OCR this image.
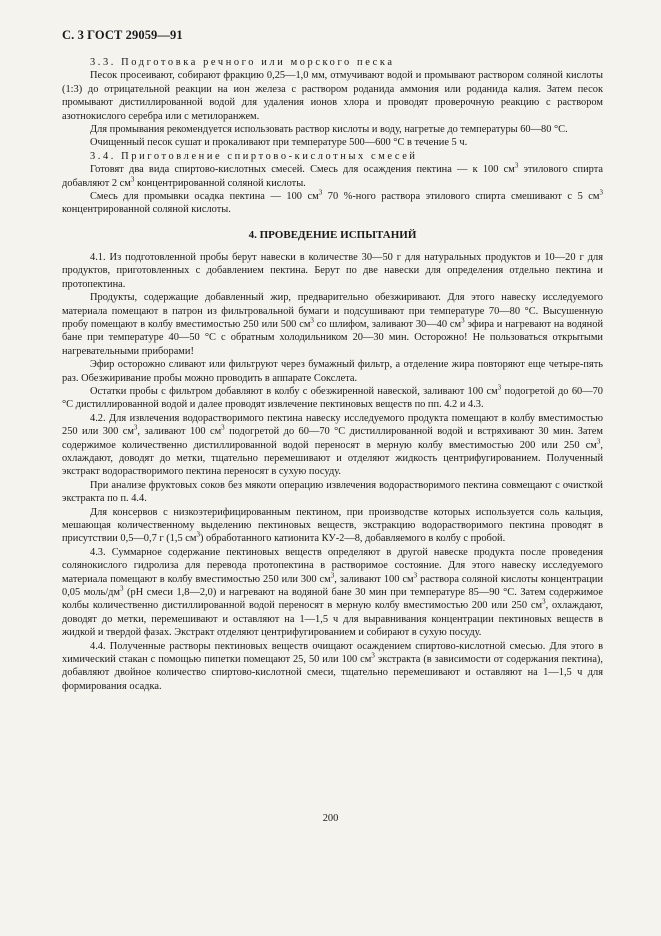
С. 3 ГОСТ 29059—91

3.3. Подготовка речного или морского песка

Песок просеивают, собирают фракцию 0,25—1,0 мм, отмучивают водой и промывают раствором соляной кислоты (1:3) до отрицательной реакции на ион железа с раствором роданида аммония или роданида калия. Затем песок промывают дистиллированной водой для удаления ионов хлора и проводят проверочную реакцию с раствором азотнокислого серебра или с метилоранжем.

Для промывания рекомендуется использовать раствор кислоты и воду, нагретые до температуры 60—80 °С.

Очищенный песок сушат и прокаливают при температуре 500—600 °С в течение 5 ч.

3.4. Приготовление спиртово-кислотных смесей

Готовят два вида спиртово-кислотных смесей. Смесь для осаждения пектина — к 100 $см^3$ этилового спирта добавляют 2 $см^3$ концентрированной соляной кислоты.

Смесь для промывки осадка пектина — 100 $см^3$ 70 %-ного раствора этилового спирта смешивают с 5 $см^3$ концентрированной соляной кислоты.

4. ПРОВЕДЕНИЕ ИСПЫТАНИЙ

4.1. Из подготовленной пробы берут навески в количестве 30—50 г для натуральных продуктов и 10—20 г для продуктов, приготовленных с добавлением пектина. Берут по две навески для определения отдельно пектина и протопектина.

Продукты, содержащие добавленный жир, предварительно обезжиривают. Для этого навеску исследуемого материала помещают в патрон из фильтровальной бумаги и подсушивают при температуре 70—80 °С. Высушенную пробу помещают в колбу вместимостью 250 или 500 $см^3$ со шлифом, заливают 30—40 $см^3$ эфира и нагревают на водяной бане при температуре 40—50 °С с обратным холодильником 20—30 мин. Осторожно! Не пользоваться открытыми нагревательными приборами!

Эфир осторожно сливают или фильтруют через бумажный фильтр, а отделение жира повторяют еще четыре-пять раз. Обезжиривание пробы можно проводить в аппарате Сокслета.

Остатки пробы с фильтром добавляют в колбу с обезжиренной навеской, заливают 100 $см^3$ подогретой до 60—70 °С дистиллированной водой и далее проводят извлечение пектиновых веществ по пп. 4.2 и 4.3.

4.2. Для извлечения водорастворимого пектина навеску исследуемого продукта помещают в колбу вместимостью 250 или 300 $см^3$, заливают 100 $см^3$ подогретой до 60—70 °С дистиллированной водой и встряхивают 30 мин. Затем содержимое количественно дистиллированной водой переносят в мерную колбу вместимостью 200 или 250 $см^3$, охлаждают, доводят до метки, тщательно перемешивают и отделяют жидкость центрифугированием. Полученный экстракт водорастворимого пектина переносят в сухую посуду.

При анализе фруктовых соков без мякоти операцию извлечения водорастворимого пектина совмещают с очисткой экстракта по п. 4.4.

Для консервов с низкоэтерифицированным пектином, при производстве которых используется соль кальция, мешающая количественному выделению пектиновых веществ, экстракцию водорастворимого пектина проводят в присутствии 0,5—0,7 г (1,5 $см^3$) обработанного катионита КУ-2—8, добавляемого в колбу с пробой.

4.3. Суммарное содержание пектиновых веществ определяют в другой навеске продукта после проведения солянокислого гидролиза для перевода протопектина в растворимое состояние. Для этого навеску исследуемого материала помещают в колбу вместимостью 250 или 300 $см^3$, заливают 100 $см^3$ раствора соляной кислоты концентрации 0,05 моль/$дм^3$ (рН смеси 1,8—2,0) и нагревают на водяной бане 30 мин при температуре 85—90 °С. Затем содержимое колбы количественно дистиллированной водой переносят в мерную колбу вместимостью 200 или 250 $см^3$, охлаждают, доводят до метки, перемешивают и оставляют на 1—1,5 ч для выравнивания концентрации пектиновых веществ в жидкой и твердой фазах. Экстракт отделяют центрифугированием и собирают в сухую посуду.

4.4. Полученные растворы пектиновых веществ очищают осаждением спиртово-кислотной смесью. Для этого в химический стакан с помощью пипетки помещают 25, 50 или 100 $см^3$ экстракта (в зависимости от содержания пектина), добавляют двойное количество спиртово-кислотной смеси, тщательно перемешивают и оставляют на 1—1,5 ч для формирования осадка.

200
